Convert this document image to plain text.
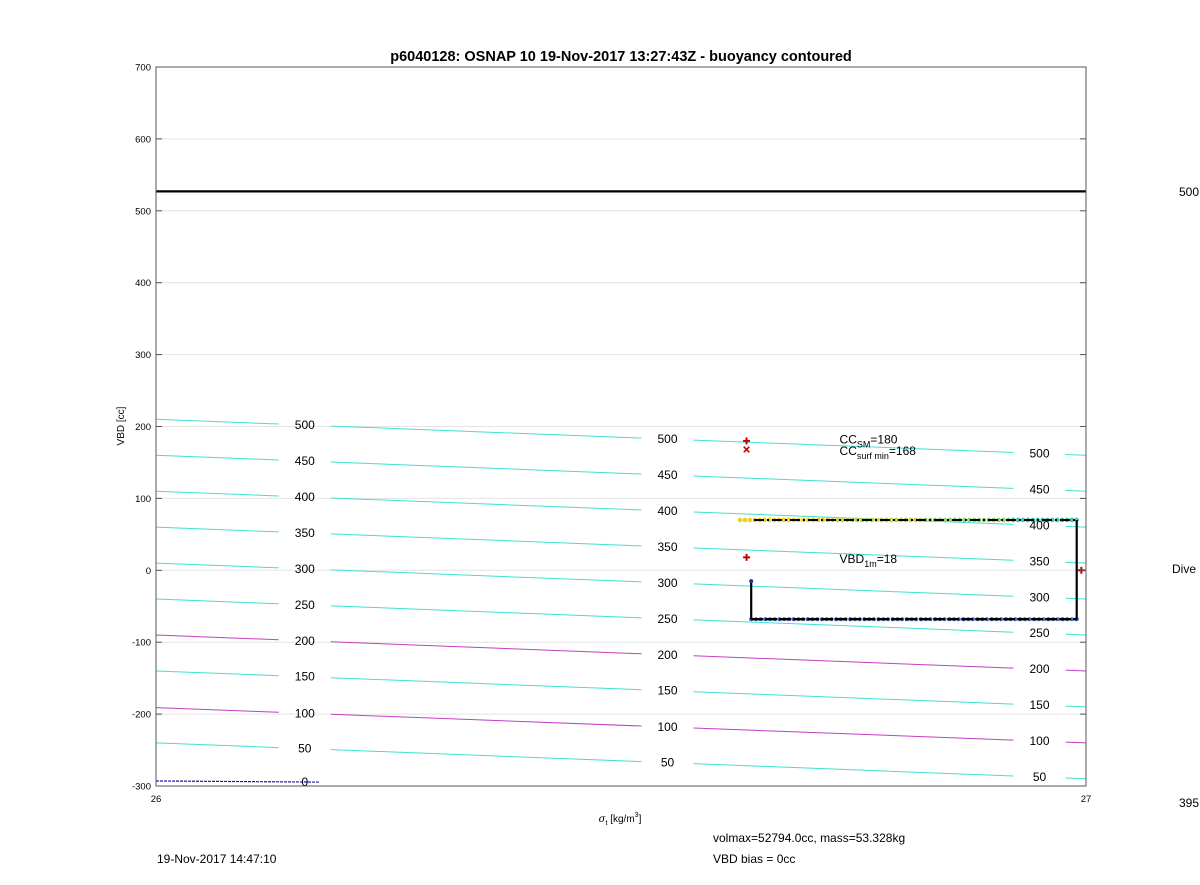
0
50
50
50
100
100
100
150
150
150
200
200
200
250
250
250
300
300
300
350
350
350
400
400
400
450
450
450
500
500
500
700
600
500
400
300
200
100
0
-100
-200
-300
26	27
$CC_{SM}=180$
$CC_{surf min}=168$
$VBD_{1m}=18$
p6040128: OSNAP 10 19-Nov-2017 13:27:43Z - buoyancy contoured
VBD [cc]
$\sigma_t$ $[kg/m^3]$
500
Dive
395
19-Nov-2017 14:47:10
volmax=52794.0cc, mass=53.328kg
VBD bias = 0cc
